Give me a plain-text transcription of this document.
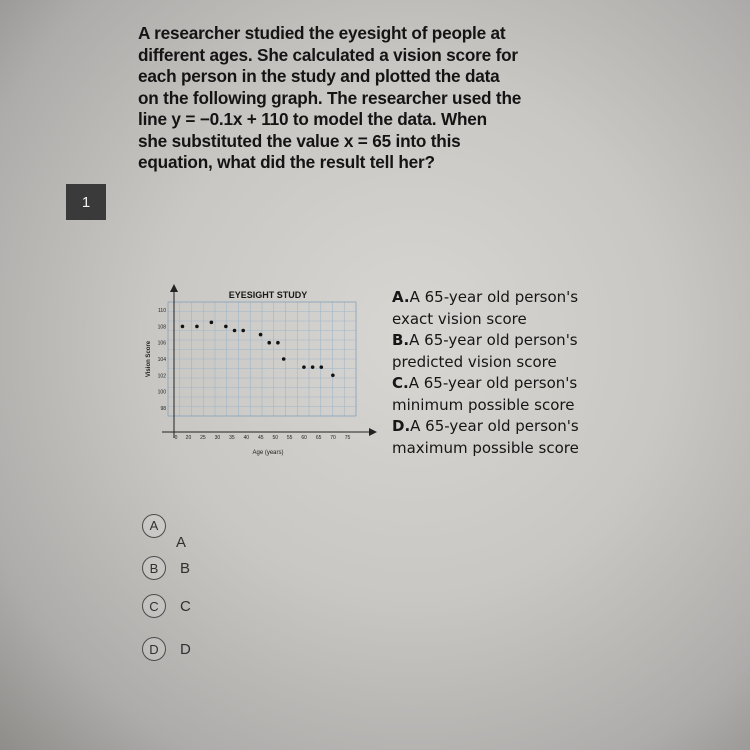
1
A researcher studied the eyesight of people at
different ages. She calculated a vision score for
each person in the study and plotted the data
on the following graph. The researcher used the
line y = −0.1x + 110 to model the data. When
she substituted the value x = 65 into this
equation, what did the result tell her?
EYESIGHT STUDY
98
100
102
104
106
108
110
0 20 25 30 35 40 45 50 55 60 65 70 75
Age (years)
Vision Score
A.A 65-year old person's
exact vision score
B.A 65-year old person's
predicted vision score
C.A 65-year old person's
minimum possible score
D.A 65-year old person's
maximum possible score
A
A
B	B
C	C
D	D
